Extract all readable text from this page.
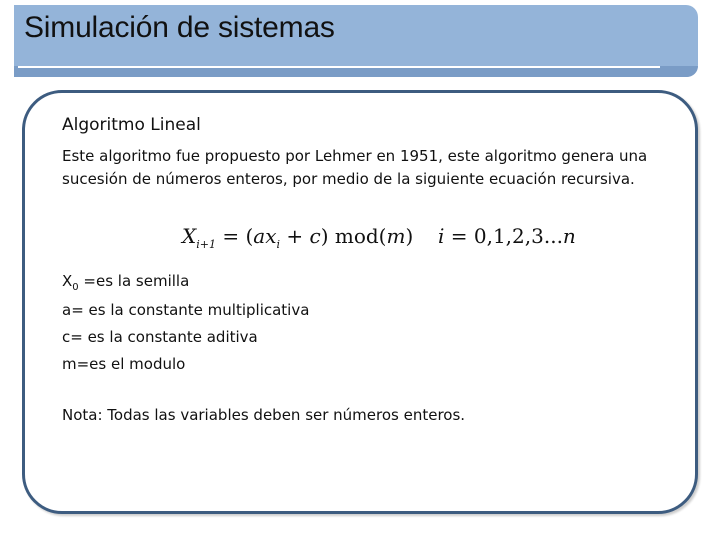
Simulación de sistemas
Algoritmo Lineal

Este algoritmo fue propuesto por Lehmer en 1951, este algoritmo genera una sucesión de números enteros, por medio de la siguiente ecuación recursiva.

$X_{i+1} = (ax_i + c)$ mod(m) i = 0,1,2,3...n

$X_0 =es$ la semilla

a= es la constante multiplicativa

c= es la constante aditiva

m=es el modulo

Nota: Todas las variables deben ser números enteros.
